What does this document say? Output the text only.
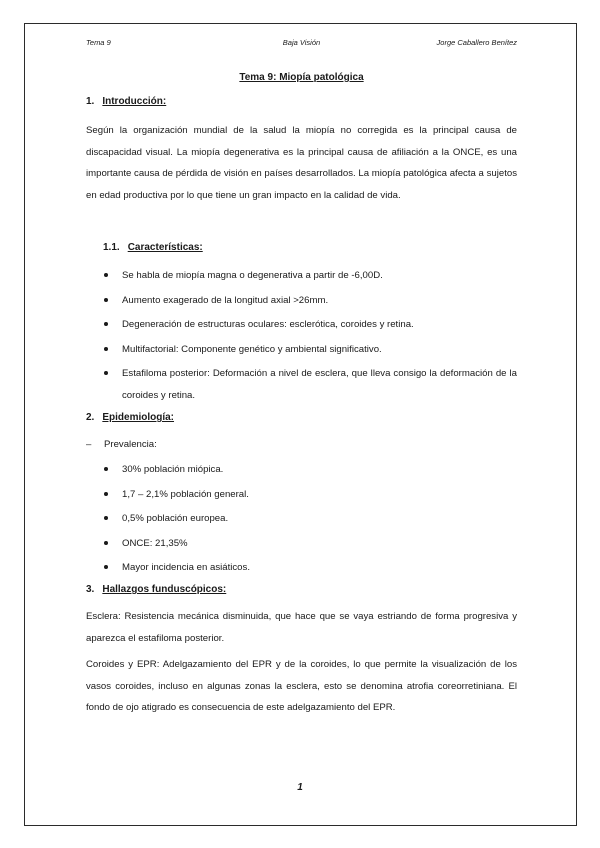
Tema 9	Baja Visión	Jorge Caballero Benítez
Tema 9: Miopía patológica
1. Introducción:

Según la organización mundial de la salud la miopía no corregida es la principal causa de discapacidad visual. La miopía degenerativa es la principal causa de afiliación a la ONCE, es una importante causa de pérdida de visión en países desarrollados. La miopía patológica afecta a sujetos en edad productiva por lo que tiene un gran impacto en la calidad de vida.

1.1. Características:
Se habla de miopía magna o degenerativa a partir de -6,00D.
Aumento exagerado de la longitud axial >26mm.
Degeneración de estructuras oculares: esclerótica, coroides y retina.
Multifactorial: Componente genético y ambiental significativo.
Estafiloma posterior: Deformación a nivel de esclera, que lleva consigo la deformación de la coroides y retina.
2. Epidemiología:
– Prevalencia:
30% población miópica.
1,7 – 2,1% población general.
0,5% población europea.
ONCE: 21,35%
Mayor incidencia en asiáticos.
3. Hallazgos funduscópicos:

Esclera: Resistencia mecánica disminuida, que hace que se vaya estriando de forma progresiva y aparezca el estafiloma posterior.

Coroides y EPR: Adelgazamiento del EPR y de la coroides, lo que permite la visualización de los vasos coroides, incluso en algunas zonas la esclera, esto se denomina atrofia coreorretiniana. El fondo de ojo atigrado es consecuencia de este adelgazamiento del EPR.

1
